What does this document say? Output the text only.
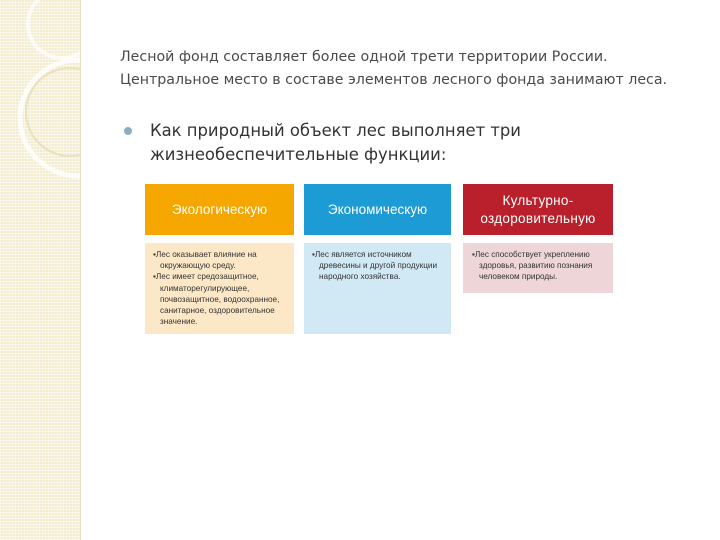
Лесной фонд составляет более одной трети территории России.
Центральное место в составе элементов лесного фонда занимают леса.
Как природный объект лес выполняет три
жизнеобеспечительные функции:
Экологическую	Экономическую
Культурно-
оздоровительную

▪Лес оказывает влияние на окружающую среду.

▪Лес имеет средозащитное, климаторегулирующее, почвозащитное, водоохранное, санитарное, оздоровительное значение.

▪Лес является источником древесины и другой продукции народного хозяйства.

▪Лес способствует укреплению здоровья, развитию познания человеком природы.
